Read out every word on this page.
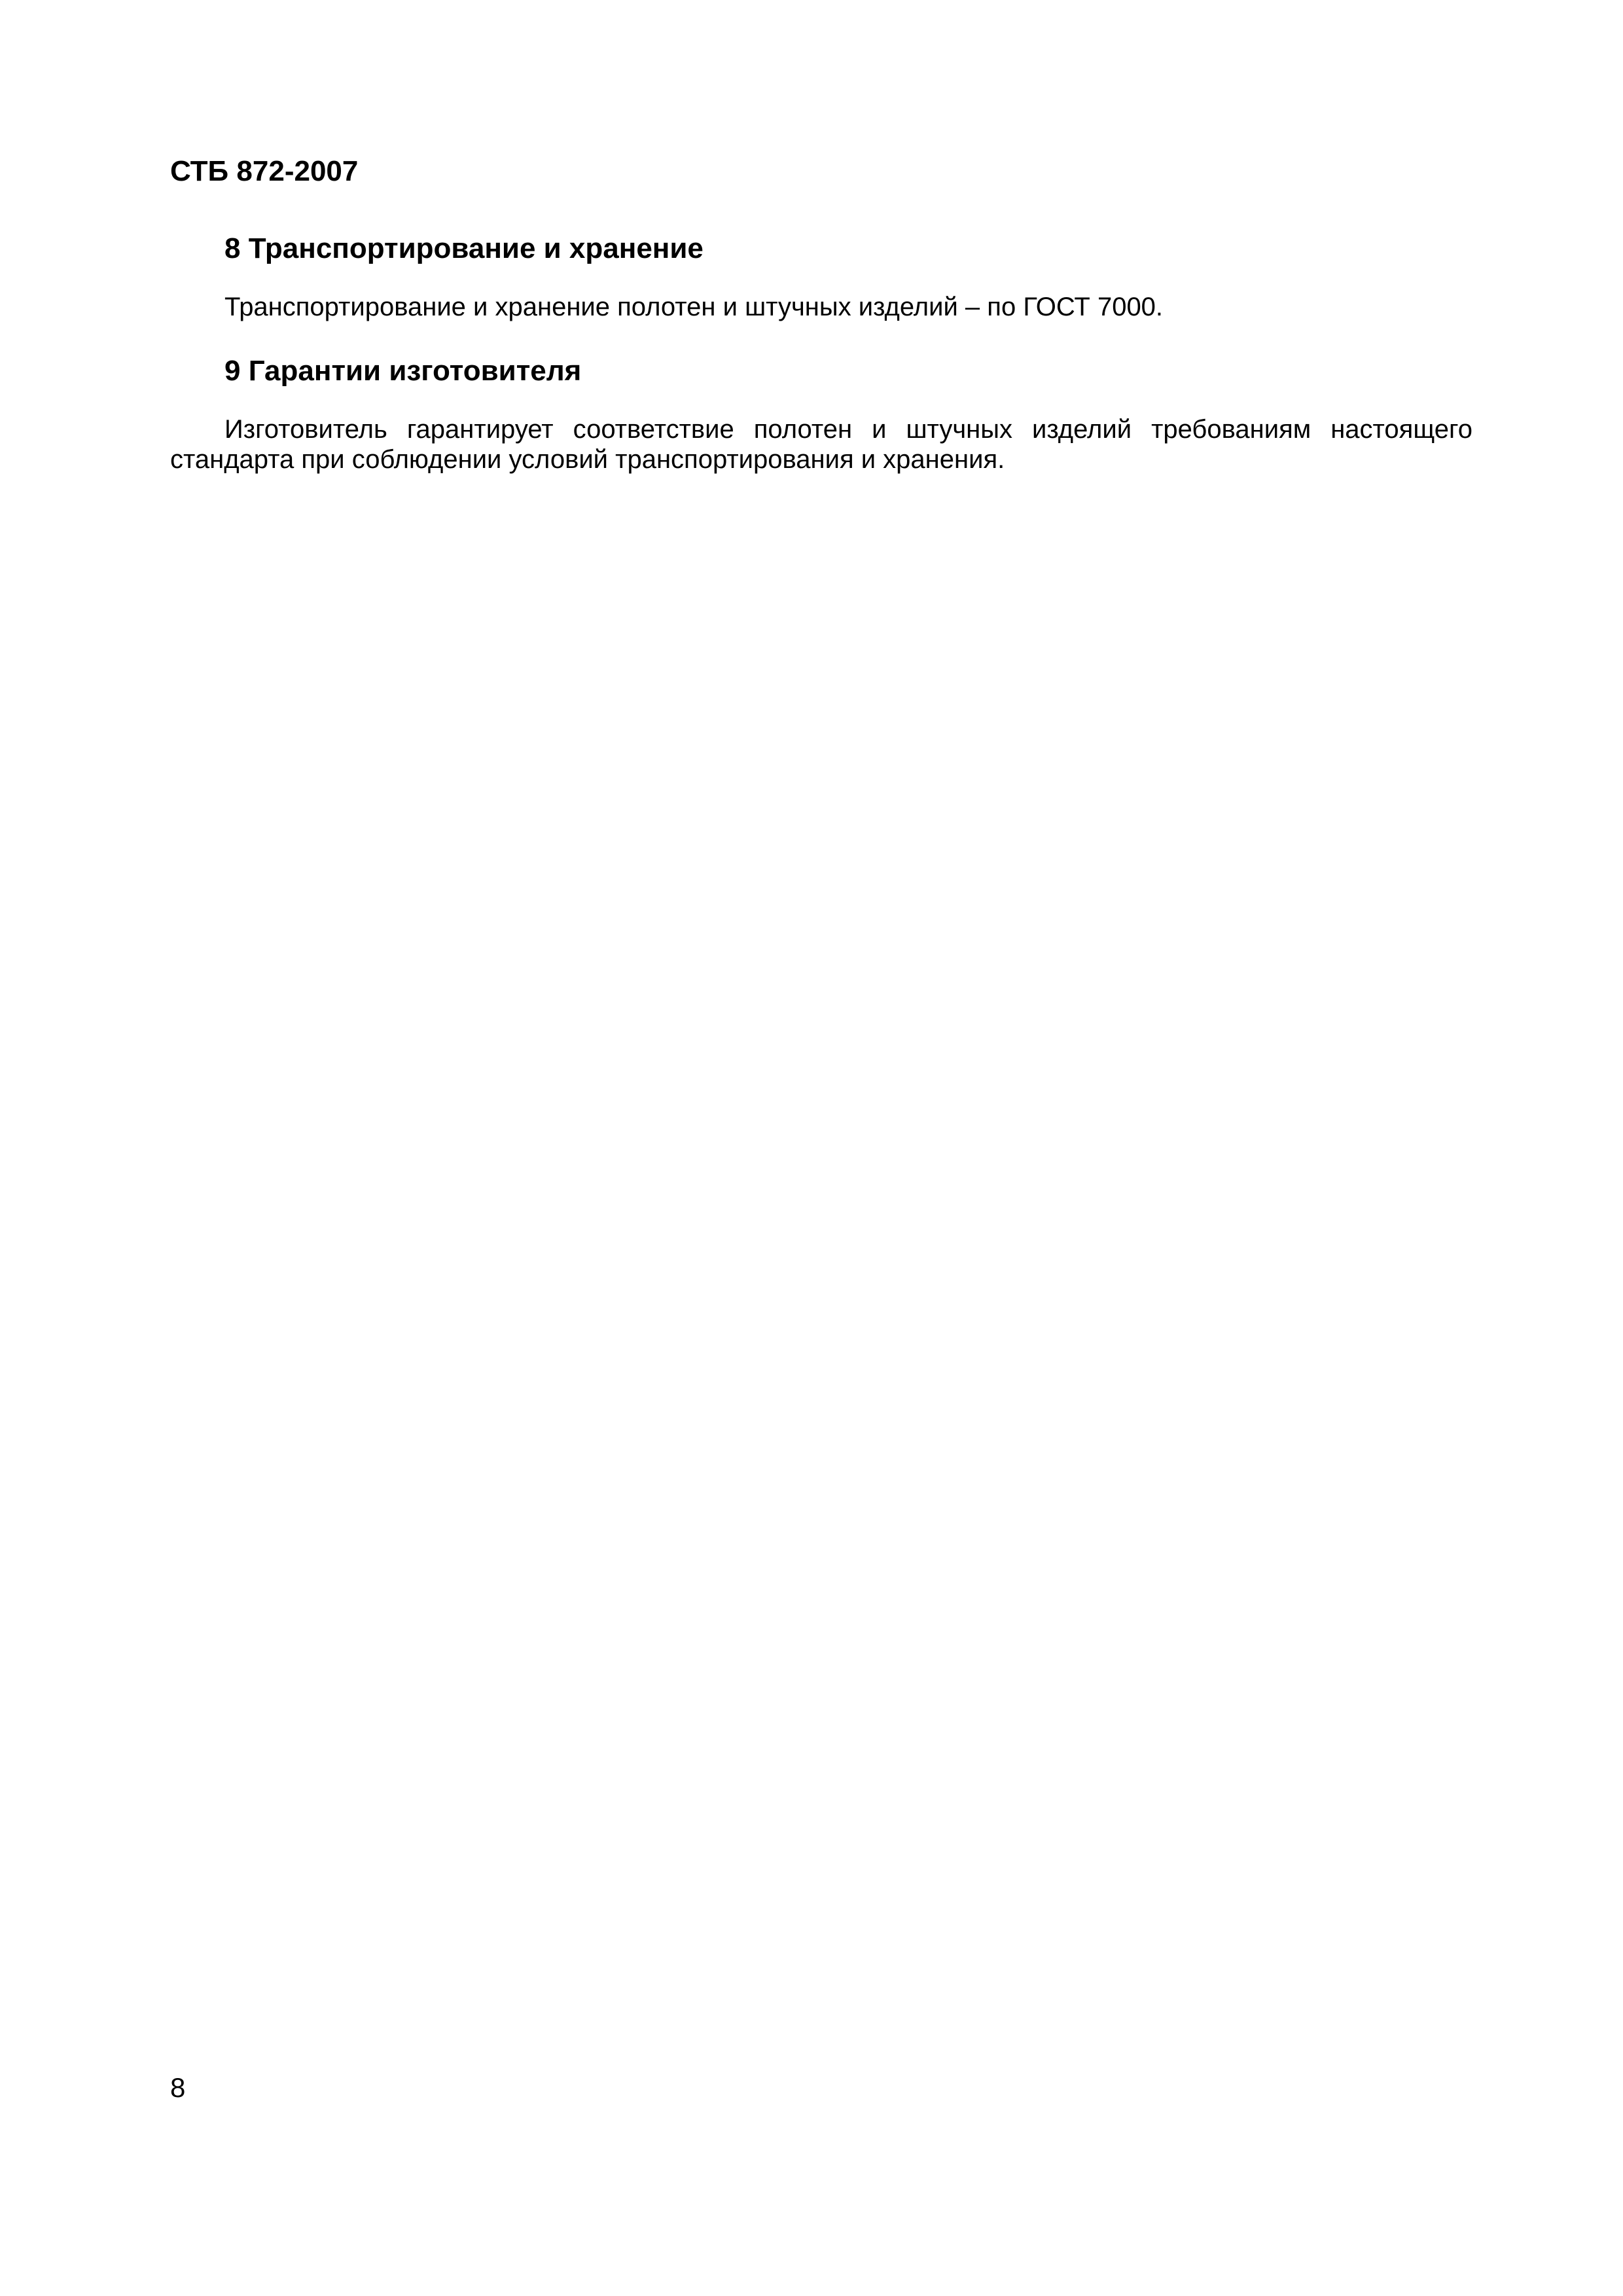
СТБ 872-2007
8 Транспортирование и хранение
Транспортирование и хранение полотен и штучных изделий – по ГОСТ 7000.
9 Гарантии изготовителя
Изготовитель гарантирует соответствие полотен и штучных изделий требованиям настоящего стандарта при соблюдении условий транспортирования и хранения.
8
